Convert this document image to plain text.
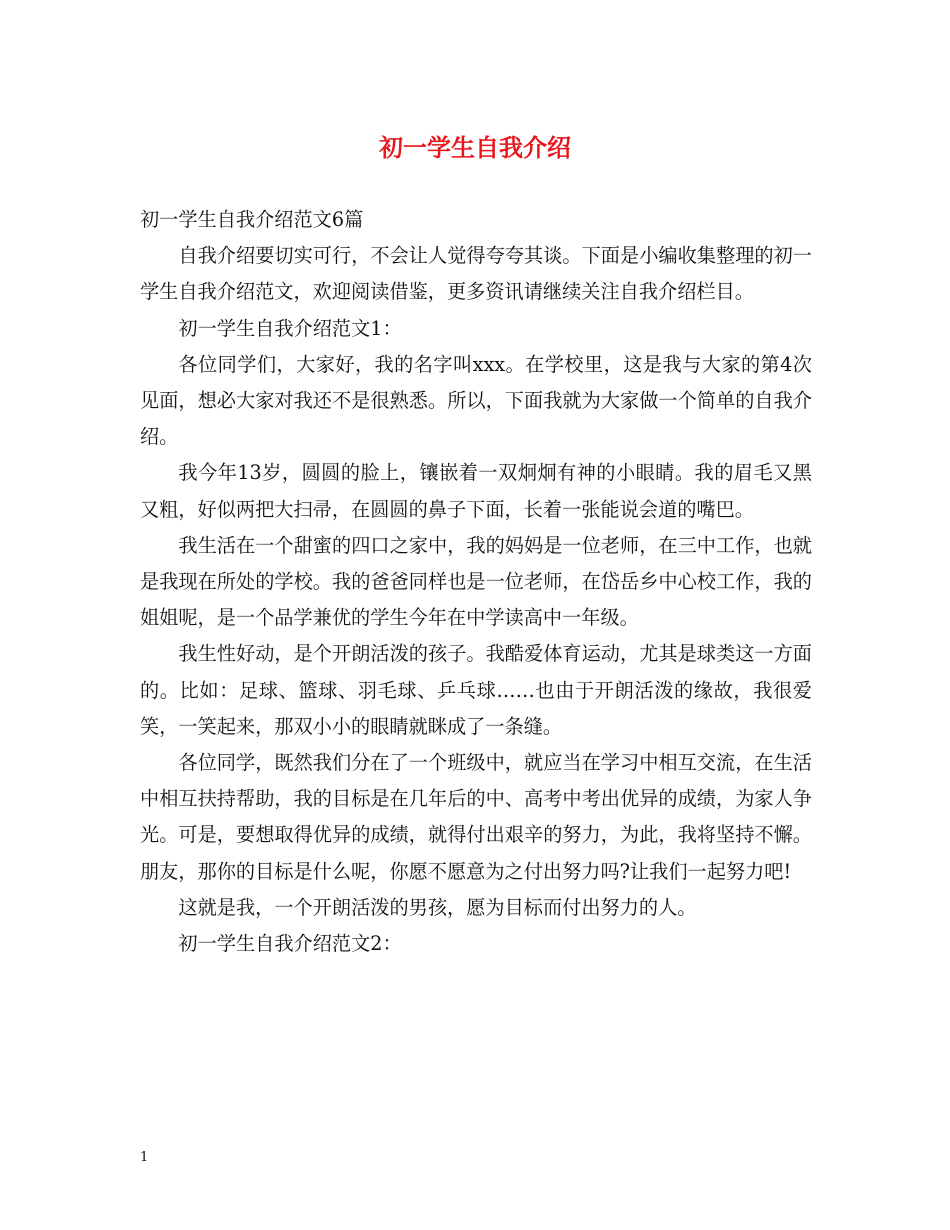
初一学生自我介绍

初一学生自我介绍范文6篇

自我介绍要切实可行，不会让人觉得夸夸其谈。下面是小编收集整理的初一学生自我介绍范文，欢迎阅读借鉴，更多资讯请继续关注自我介绍栏目。

初一学生自我介绍范文1：

各位同学们，大家好，我的名字叫xxx。在学校里，这是我与大家的第4次见面，想必大家对我还不是很熟悉。所以，下面我就为大家做一个简单的自我介绍。

我今年13岁，圆圆的脸上，镶嵌着一双炯炯有神的小眼睛。我的眉毛又黑又粗，好似两把大扫帚，在圆圆的鼻子下面，长着一张能说会道的嘴巴。

我生活在一个甜蜜的四口之家中，我的妈妈是一位老师，在三中工作，也就是我现在所处的学校。我的爸爸同样也是一位老师，在岱岳乡中心校工作，我的姐姐呢，是一个品学兼优的学生今年在中学读高中一年级。

我生性好动，是个开朗活泼的孩子。我酷爱体育运动，尤其是球类这一方面的。比如：足球、篮球、羽毛球、乒乓球……也由于开朗活泼的缘故，我很爱笑，一笑起来，那双小小的眼睛就眯成了一条缝。

各位同学，既然我们分在了一个班级中，就应当在学习中相互交流，在生活中相互扶持帮助，我的目标是在几年后的中、高考中考出优异的成绩，为家人争光。可是，要想取得优异的成绩，就得付出艰辛的努力，为此，我将坚持不懈。朋友，那你的目标是什么呢，你愿不愿意为之付出努力吗?让我们一起努力吧!

这就是我，一个开朗活泼的男孩，愿为目标而付出努力的人。

初一学生自我介绍范文2：

1
